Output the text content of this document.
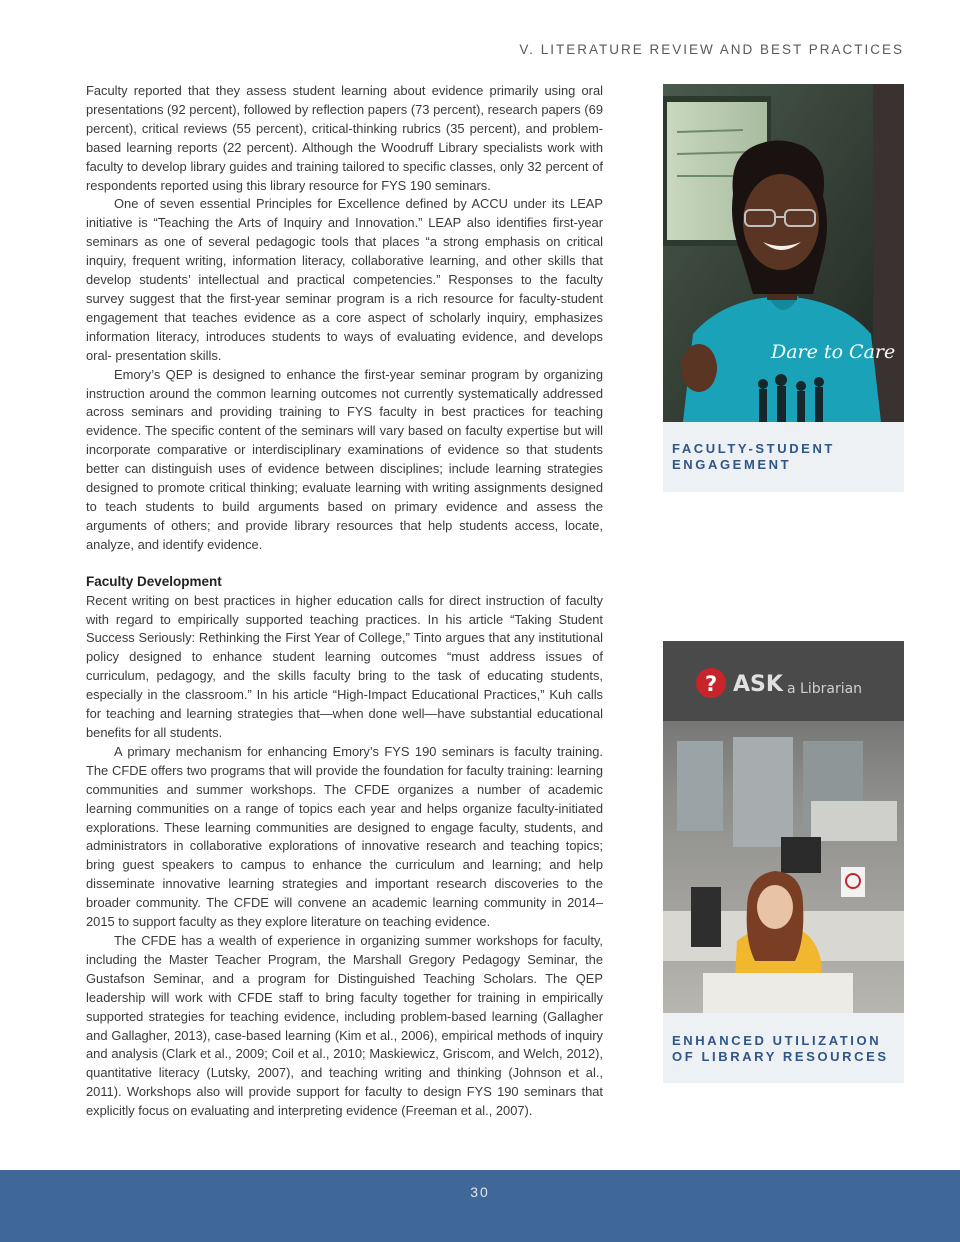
V. LITERATURE REVIEW AND BEST PRACTICES

Faculty reported that they assess student learning about evidence primarily using oral presentations (92 percent), followed by reflection papers (73 percent), research papers (69 percent), critical reviews (55 percent), critical-thinking rubrics (35 percent), and problem-based learning reports (22 percent). Although the Woodruff Library specialists work with faculty to develop library guides and training tailored to specific classes, only 32 percent of respondents reported using this library resource for FYS 190 seminars.

One of seven essential Principles for Excellence defined by ACCU under its LEAP initiative is “Teaching the Arts of Inquiry and Innovation.” LEAP also identifies first-year seminars as one of several pedagogic tools that places “a strong emphasis on critical inquiry, frequent writing, information literacy, collaborative learning, and other skills that develop students’ intellectual and practical competencies.” Responses to the faculty survey suggest that the first-year seminar program is a rich resource for faculty-student engagement that teaches evidence as a core aspect of scholarly inquiry, emphasizes information literacy, introduces students to ways of evaluating evidence, and develops oral- presentation skills.

Emory’s QEP is designed to enhance the first-year seminar program by organizing instruction around the common learning outcomes not currently systematically addressed across seminars and providing training to FYS faculty in best practices for teaching evidence. The specific content of the seminars will vary based on faculty expertise but will incorporate comparative or interdisciplinary examinations of evidence so that students better can distinguish uses of evidence between disciplines; include learning strategies designed to promote critical thinking; evaluate learning with writing assignments designed to teach students to build arguments based on primary evidence and assess the arguments of others; and provide library resources that help students access, locate, analyze, and identify evidence.

Faculty Development

Recent writing on best practices in higher education calls for direct instruction of faculty with regard to empirically supported teaching practices. In his article “Taking Student Success Seriously: Rethinking the First Year of College,” Tinto argues that any institutional policy designed to enhance student learning outcomes “must address issues of curriculum, pedagogy, and the skills faculty bring to the task of educating students, especially in the classroom.” In his article “High-Impact Educational Practices,” Kuh calls for teaching and learning strategies that—when done well—have substantial educational benefits for all students.

A primary mechanism for enhancing Emory’s FYS 190 seminars is faculty training. The CFDE offers two programs that will provide the foundation for faculty training: learning communities and summer workshops. The CFDE organizes a number of academic learning communities on a range of topics each year and helps organize faculty-initiated explorations. These learning communities are designed to engage faculty, students, and administrators in collaborative explorations of innovative research and teaching topics; bring guest speakers to campus to enhance the curriculum and learning; and help disseminate innovative learning strategies and important research discoveries to the broader community. The CFDE will convene an academic learning community in 2014–2015 to support faculty as they explore literature on teaching evidence.

The CFDE has a wealth of experience in organizing summer workshops for faculty, including the Master Teacher Program, the Marshall Gregory Pedagogy Seminar, the Gustafson Seminar, and a program for Distinguished Teaching Scholars. The QEP leadership will work with CFDE staff to bring faculty together for training in empirically supported strategies for teaching evidence, including problem-based learning (Gallagher and Gallagher, 2013), case-based learning (Kim et al., 2006), empirical methods of inquiry and analysis (Clark et al., 2009; Coil et al., 2010; Maskiewicz, Griscom, and Welch, 2012), quantitative literacy (Lutsky, 2007), and teaching writing and thinking (Johnson et al., 2011). Workshops also will provide support for faculty to design FYS 190 seminars that explicitly focus on evaluating and interpreting evidence (Freeman et al., 2007).

Dare to Care
FACULTY-STUDENT
ENGAGEMENT
? ASK a Librarian
ENHANCED UTILIZATION
OF LIBRARY RESOURCES
30
